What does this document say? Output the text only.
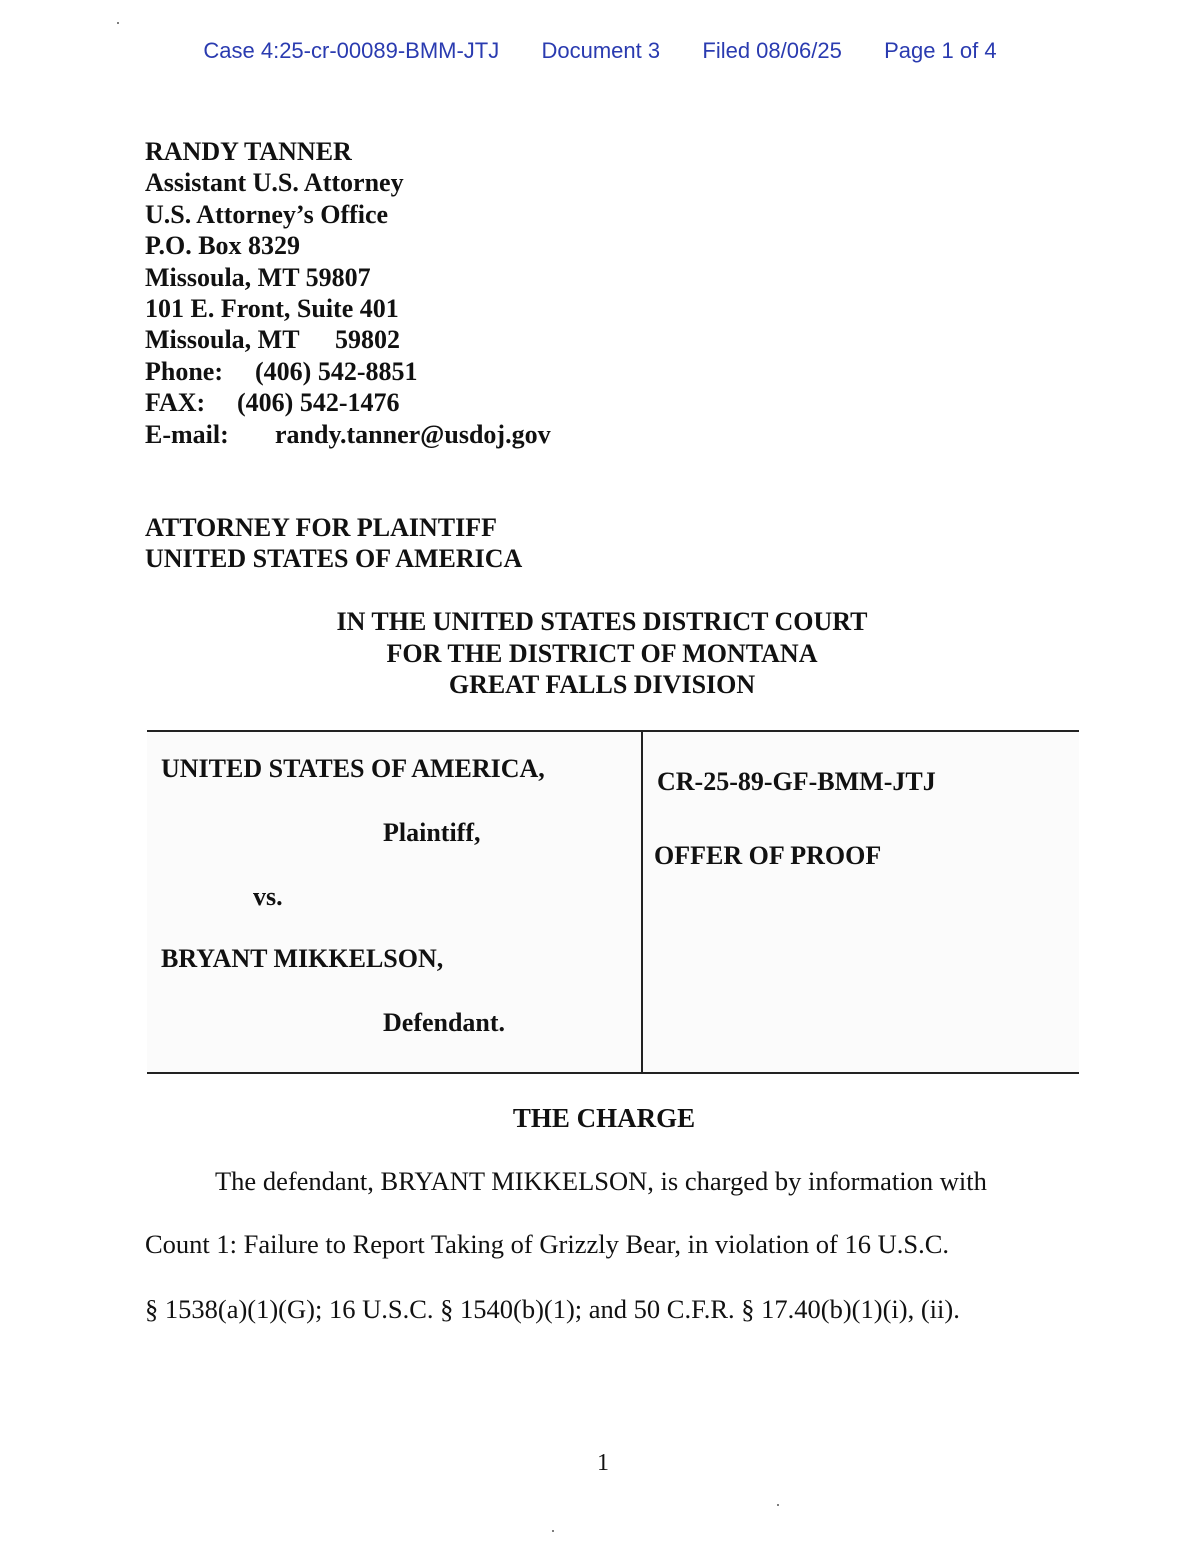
Case 4:25-cr-00089-BMM-JTJ Document 3 Filed 08/06/25 Page 1 of 4
RANDY TANNER
Assistant U.S. Attorney
U.S. Attorney’s Office
P.O. Box 8329
Missoula, MT 59807
101 E. Front, Suite 401
Missoula, MT 59802
Phone: (406) 542-8851
FAX: (406) 542-1476
E-mail: randy.tanner@usdoj.gov
ATTORNEY FOR PLAINTIFF
UNITED STATES OF AMERICA
IN THE UNITED STATES DISTRICT COURT
FOR THE DISTRICT OF MONTANA
GREAT FALLS DIVISION
UNITED STATES OF AMERICA,
Plaintiff,
vs.
BRYANT MIKKELSON,
Defendant.
CR-25-89-GF-BMM-JTJ
OFFER OF PROOF
THE CHARGE
The defendant, BRYANT MIKKELSON, is charged by information with
Count 1: Failure to Report Taking of Grizzly Bear, in violation of 16 U.S.C.
§ 1538(a)(1)(G); 16 U.S.C. § 1540(b)(1); and 50 C.F.R. § 17.40(b)(1)(i), (ii).
1
